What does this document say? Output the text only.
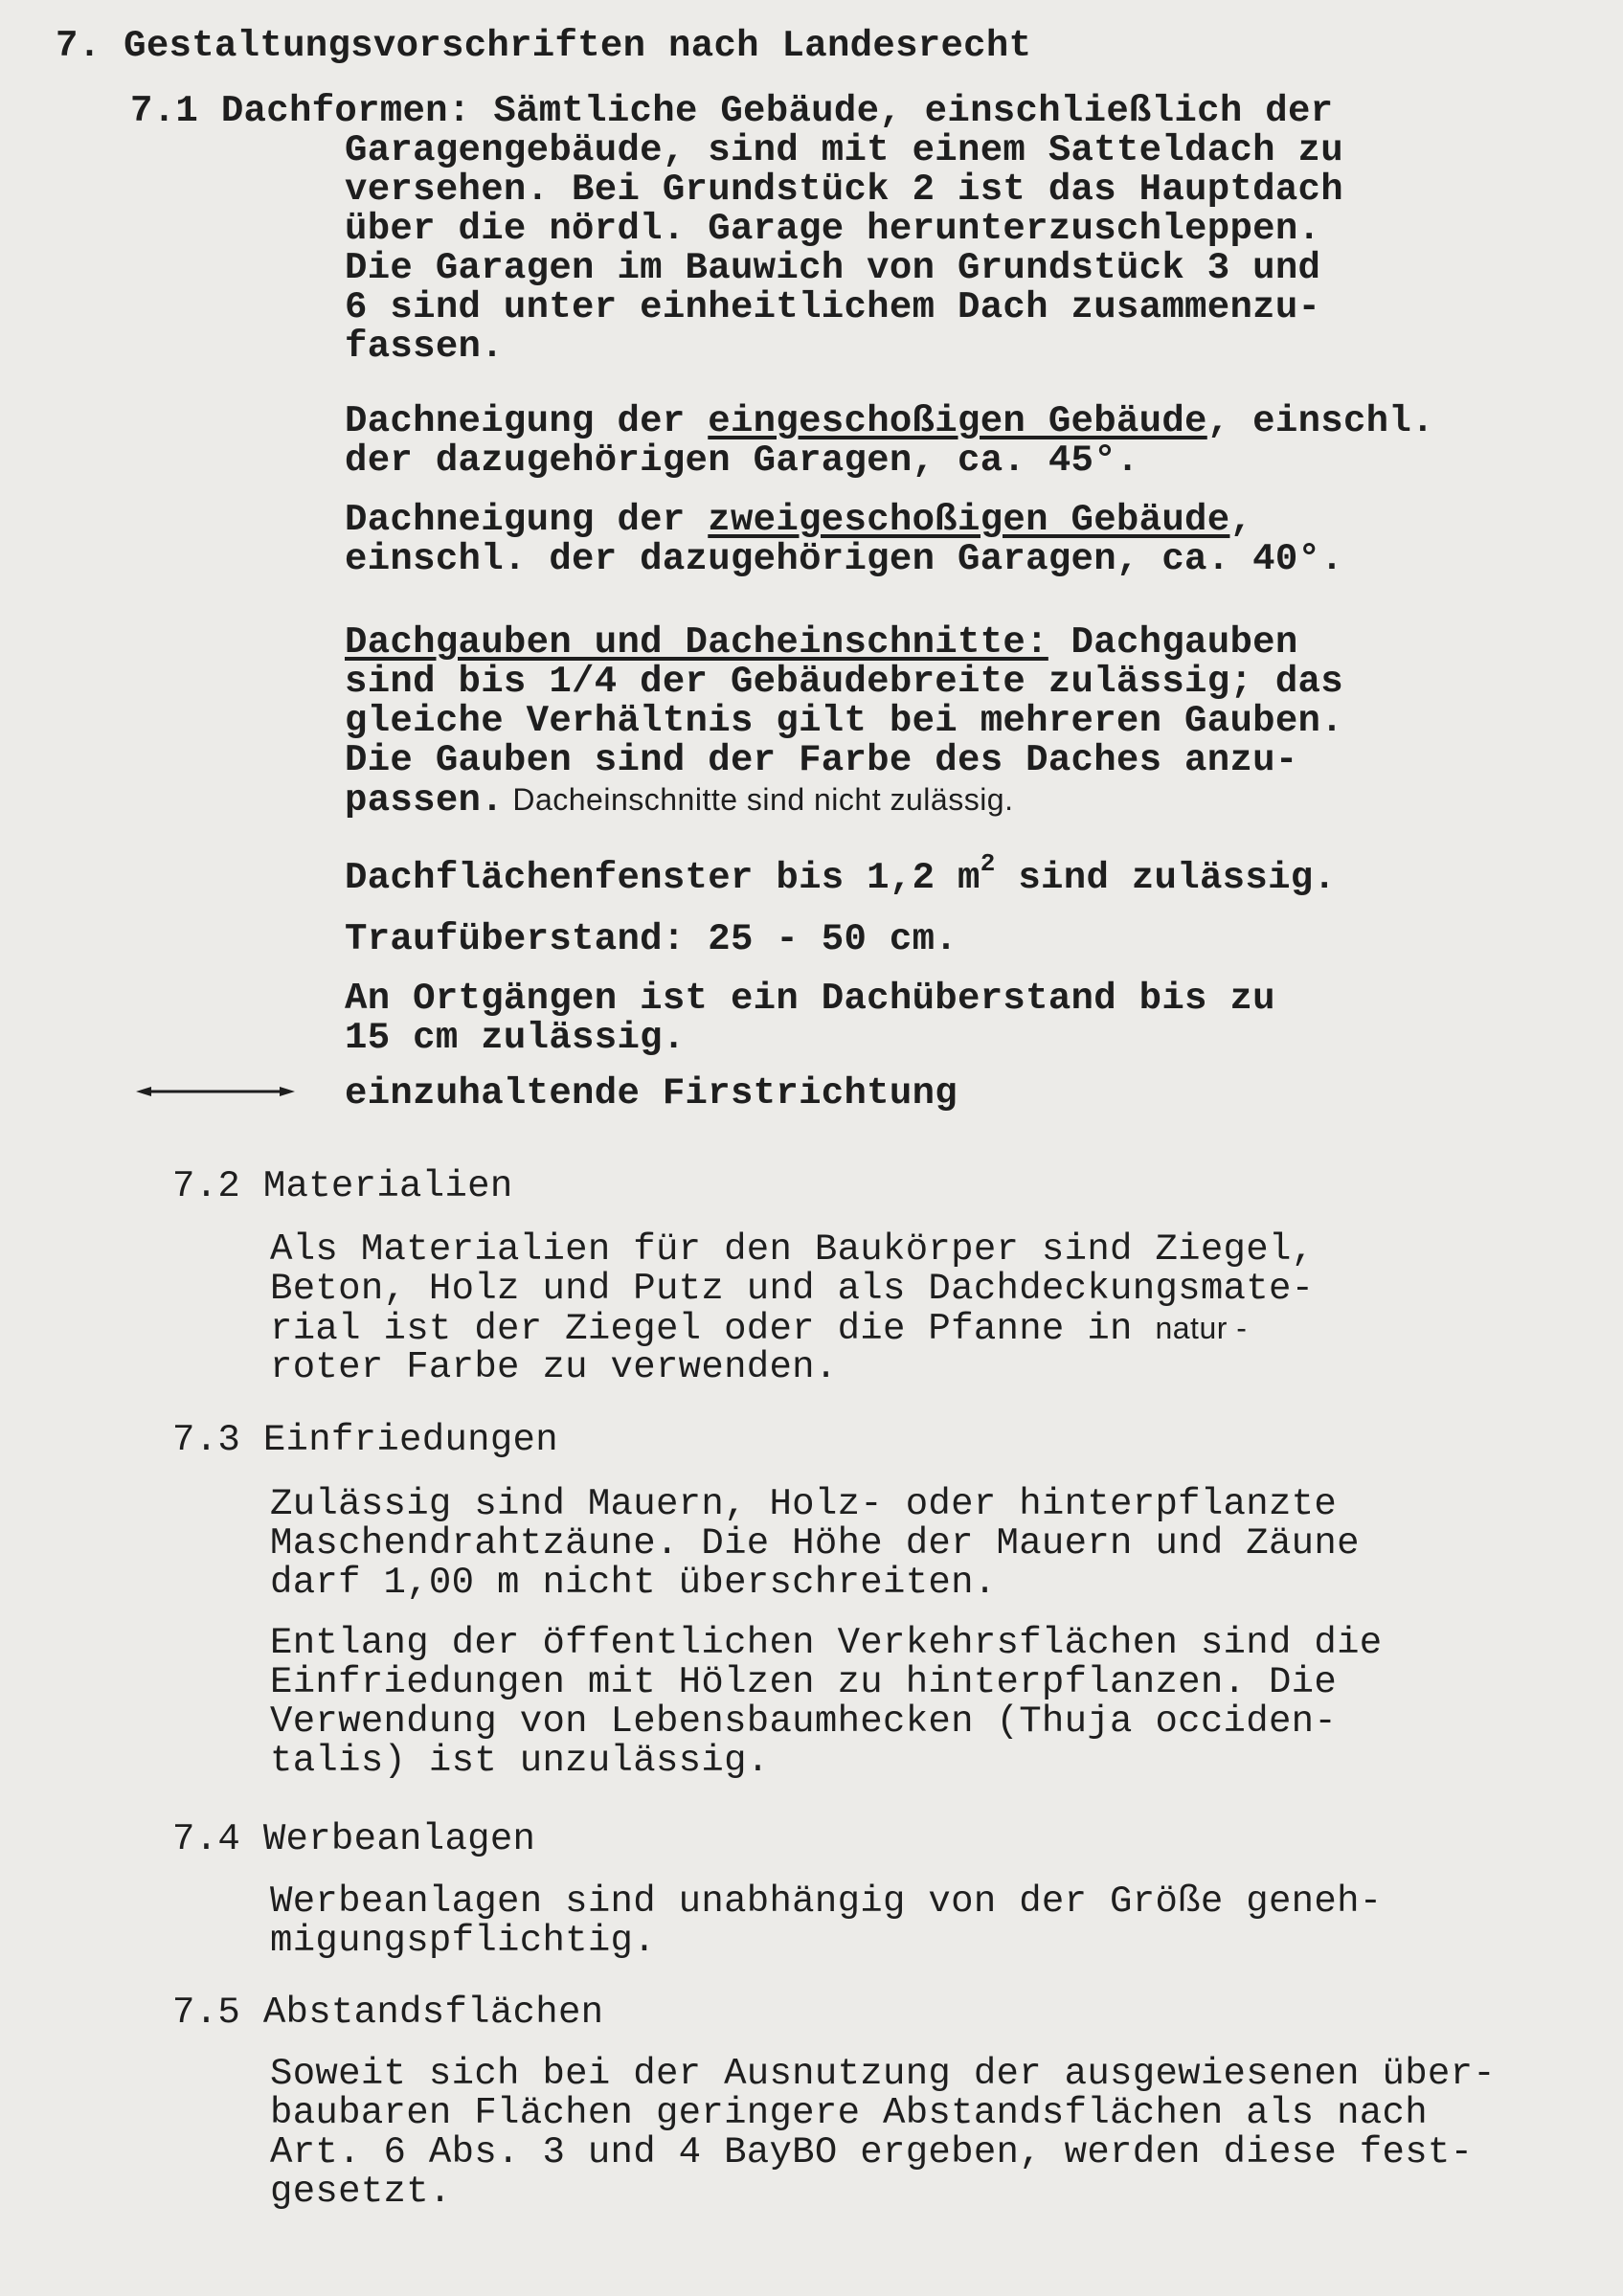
7. Gestaltungsvorschriften nach Landesrecht
7.1 Dachformen: Sämtliche Gebäude, einschließlich der
Garagengebäude, sind mit einem Satteldach zu
versehen. Bei Grundstück 2 ist das Hauptdach
über die nördl. Garage herunterzuschleppen.
Die Garagen im Bauwich von Grundstück 3 und
6 sind unter einheitlichem Dach zusammenzu-
fassen.
Dachneigung der eingeschoßigen Gebäude, einschl.
der dazugehörigen Garagen, ca. 45°.
Dachneigung der zweigeschoßigen Gebäude,
einschl. der dazugehörigen Garagen, ca. 40°.
Dachgauben und Dacheinschnitte: Dachgauben
sind bis 1/4 der Gebäudebreite zulässig; das
gleiche Verhältnis gilt bei mehreren Gauben.
Die Gauben sind der Farbe des Daches anzu-
passen. Dacheinschnitte sind nicht zulässig.
Dachflächenfenster bis 1,2 $m^2$ sind zulässig.
Traufüberstand: 25 - 50 cm.
An Ortgängen ist ein Dachüberstand bis zu
15 cm zulässig.
einzuhaltende Firstrichtung
7.2 Materialien
Als Materialien für den Baukörper sind Ziegel,
Beton, Holz und Putz und als Dachdeckungsmate-
rial ist der Ziegel oder die Pfanne in natur -
roter Farbe zu verwenden.
7.3 Einfriedungen
Zulässig sind Mauern, Holz- oder hinterpflanzte
Maschendrahtzäune. Die Höhe der Mauern und Zäune
darf 1,00 m nicht überschreiten.
Entlang der öffentlichen Verkehrsflächen sind die
Einfriedungen mit Hölzen zu hinterpflanzen. Die
Verwendung von Lebensbaumhecken (Thuja occiden-
talis) ist unzulässig.
7.4 Werbeanlagen
Werbeanlagen sind unabhängig von der Größe geneh-
migungspflichtig.
7.5 Abstandsflächen
Soweit sich bei der Ausnutzung der ausgewiesenen über-
baubaren Flächen geringere Abstandsflächen als nach
Art. 6 Abs. 3 und 4 BayBO ergeben, werden diese fest-
gesetzt.
